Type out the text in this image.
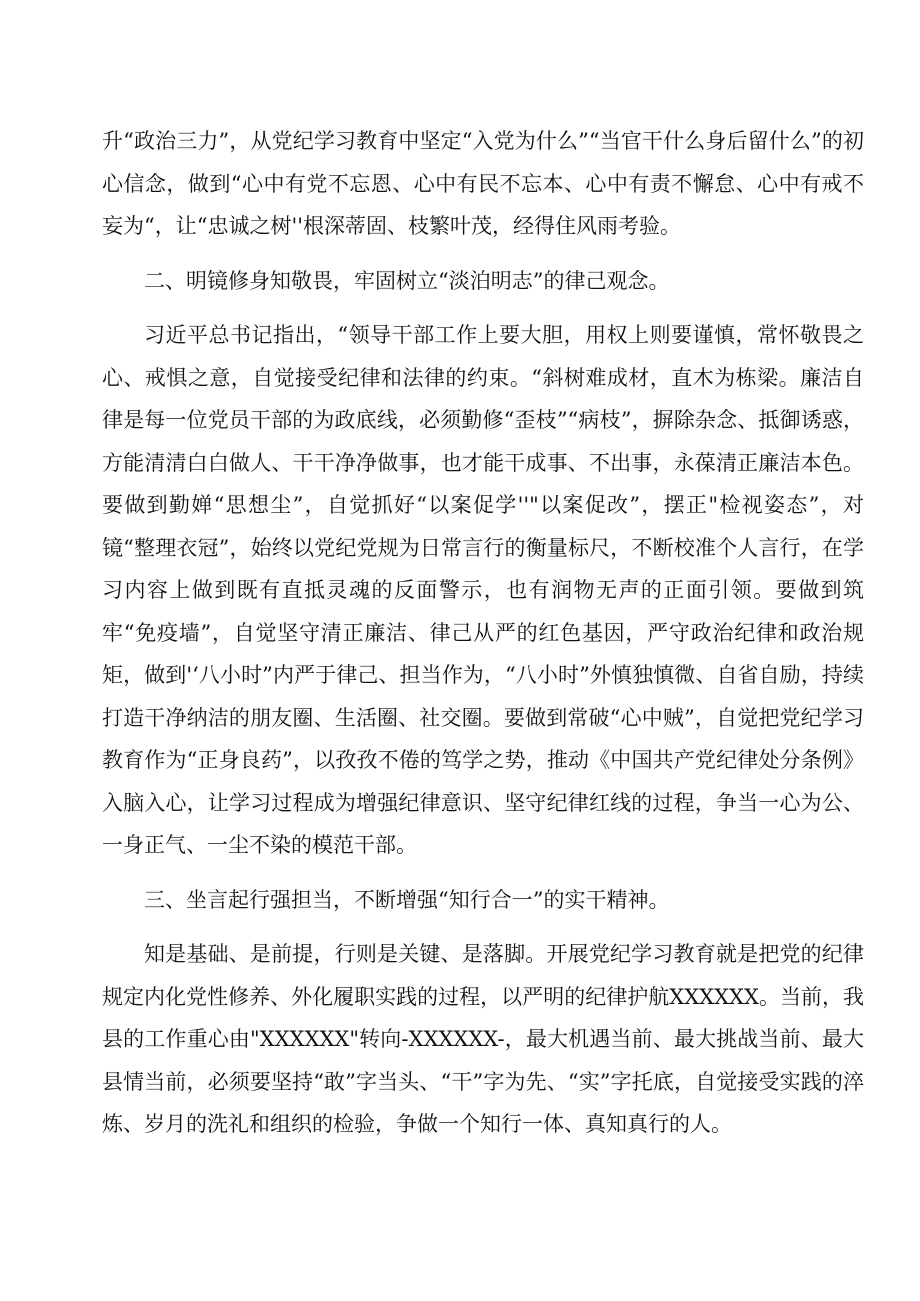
升“政治三力”，从党纪学习教育中坚定“入党为什么”“当官干什么身后留什么”的初心信念，做到“心中有党不忘恩、心中有民不忘本、心中有责不懈怠、心中有戒不妄为“，让“忠诚之树''根深蒂固、枝繁叶茂，经得住风雨考验。

二、明镜修身知敬畏，牢固树立“淡泊明志”的律己观念。

习近平总书记指出，“领导干部工作上要大胆，用权上则要谨慎，常怀敬畏之心、戒惧之意，自觉接受纪律和法律的约束。“斜树难成材，直木为栋梁。廉洁自律是每一位党员干部的为政底线，必须勤修“歪枝”“病枝”，摒除杂念、抵御诱惑，方能清清白白做人、干干净净做事，也才能干成事、不出事，永葆清正廉洁本色。要做到勤婵“思想尘”，自觉抓好“以案促学''"以案促改”，摆正"检视姿态”，对镜“整理衣冠”，始终以党纪党规为日常言行的衡量标尺，不断校准个人言行，在学习内容上做到既有直抵灵魂的反面警示，也有润物无声的正面引领。要做到筑牢“免疫墙”，自觉坚守清正廉洁、律己从严的红色基因，严守政治纪律和政治规矩，做到'‘八小时”内严于律己、担当作为，“八小时”外慎独慎微、自省自励，持续打造干净纳洁的朋友圈、生活圈、社交圈。要做到常破“心中贼”，自觉把党纪学习教育作为“正身良药”，以孜孜不倦的笃学之势，推动《中国共产党纪律处分条例》入脑入心，让学习过程成为增强纪律意识、坚守纪律红线的过程，争当一心为公、一身正气、一尘不染的模范干部。

三、坐言起行强担当，不断增强“知行合一”的实干精神。

知是基础、是前提，行则是关键、是落脚。开展党纪学习教育就是把党的纪律规定内化党性修养、外化履职实践的过程，以严明的纪律护航XXXXXX。当前，我县的工作重心由"XXXXXX"转向-XXXXXX-，最大机遇当前、最大挑战当前、最大县情当前，必须要坚持“敢”字当头、“干”字为先、“实”字托底，自觉接受实践的淬炼、岁月的洗礼和组织的检验，争做一个知行一体、真知真行的人。
